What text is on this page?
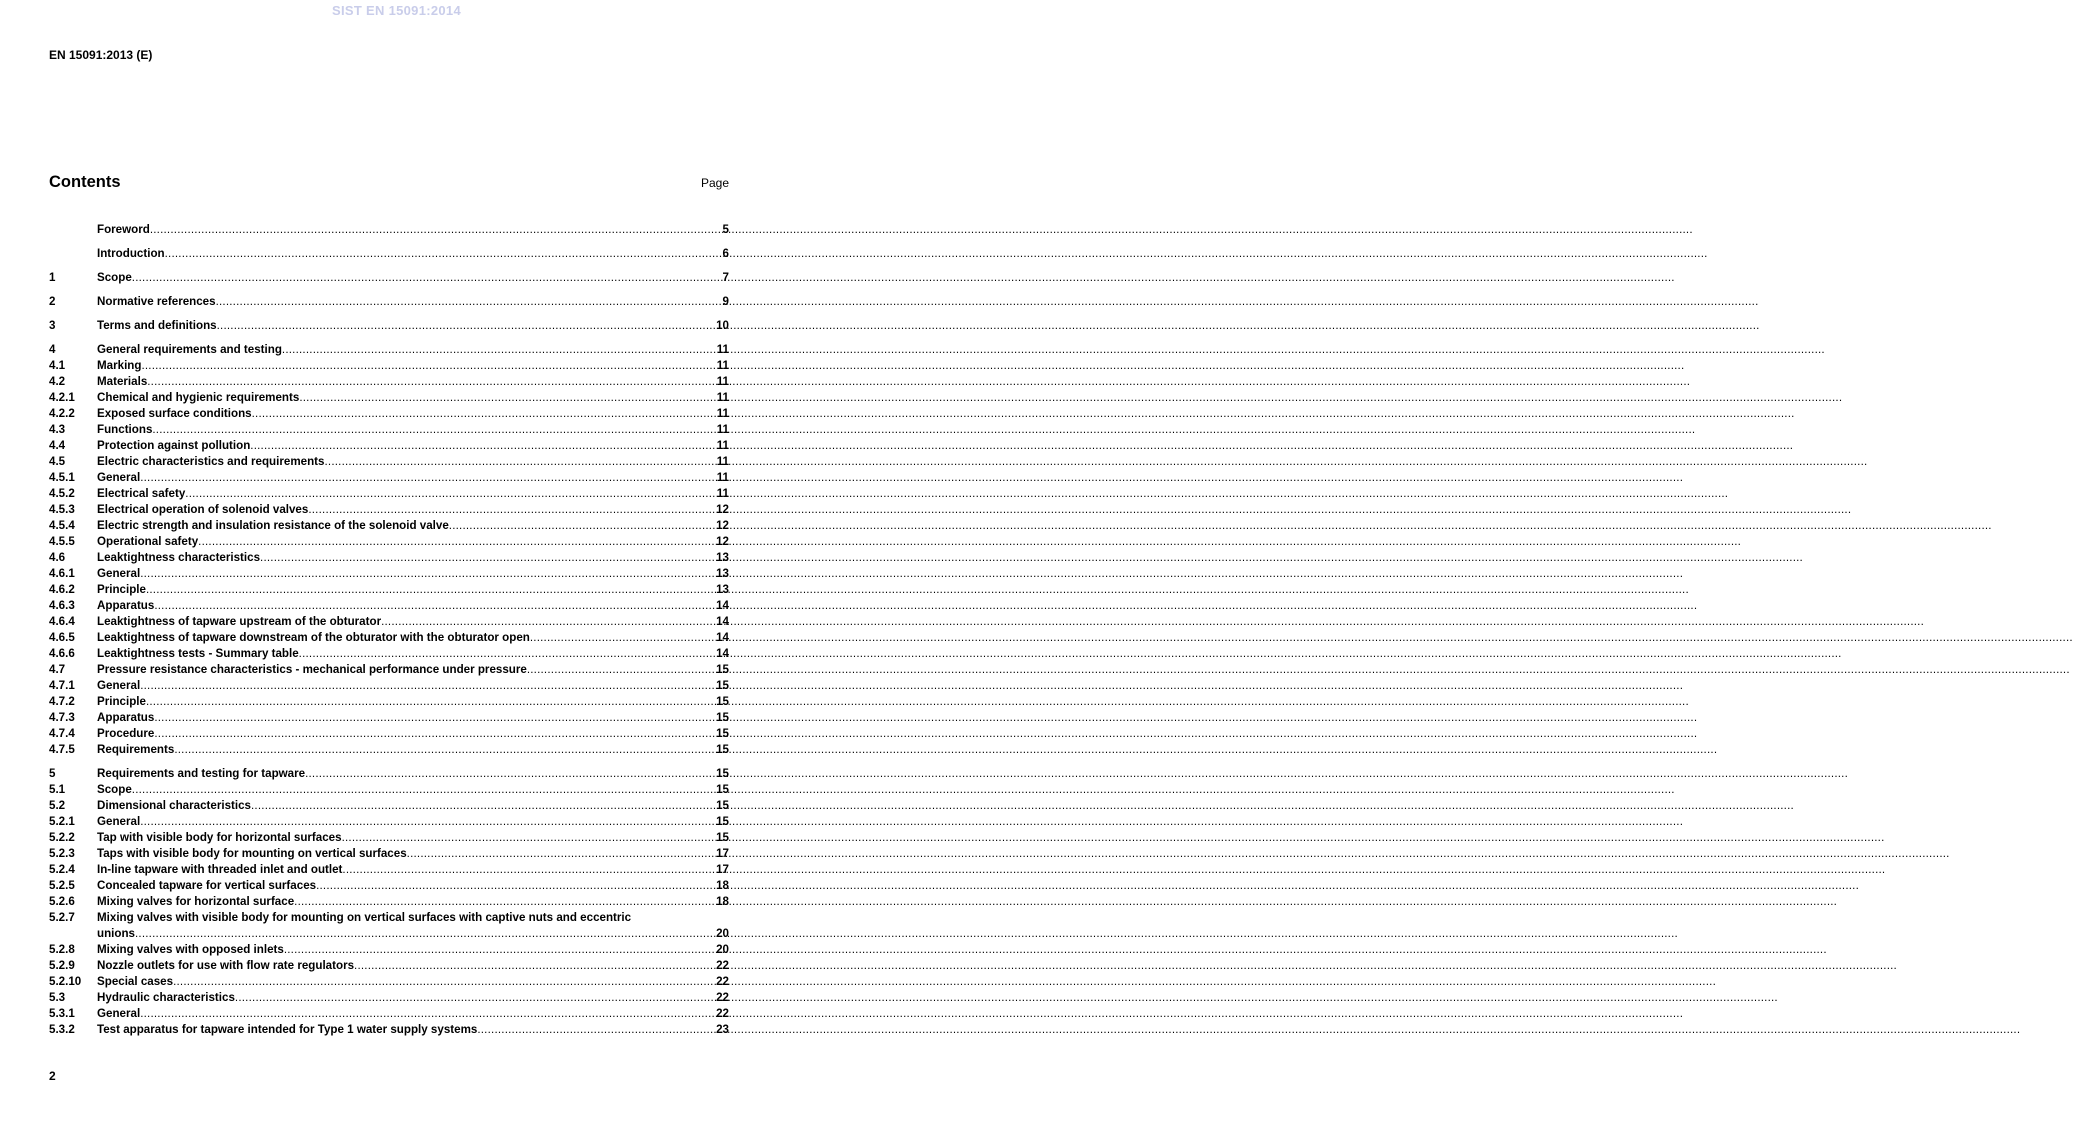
SIST EN 15091:2014
EN 15091:2013 (E)
Contents	Page
Foreword .....	5
Introduction .....	6
1	Scope .....	7
2	Normative references .....	9
3	Terms and definitions .....	10
4	General requirements and testing .....	11
4.1	Marking .....	11
4.2	Materials .....	11
4.2.1	Chemical and hygienic requirements .....	11
4.2.2	Exposed surface conditions .....	11
4.3	Functions .....	11
4.4	Protection against pollution .....	11
4.5	Electric characteristics and requirements .....	11
4.5.1	General .....	11
4.5.2	Electrical safety .....	11
4.5.3	Electrical operation of solenoid valves .....	12
4.5.4	Electric strength and insulation resistance of the solenoid valve .....	12
4.5.5	Operational safety .....	12
4.6	Leaktightness characteristics .....	13
4.6.1	General .....	13
4.6.2	Principle .....	13
4.6.3	Apparatus .....	14
4.6.4	Leaktightness of tapware upstream of the obturator .....	14
4.6.5	Leaktightness of tapware downstream of the obturator with the obturator open .....	14
4.6.6	Leaktightness tests - Summary table .....	14
4.7	Pressure resistance characteristics - mechanical performance under pressure .....	15
4.7.1	General .....	15
4.7.2	Principle .....	15
4.7.3	Apparatus .....	15
4.7.4	Procedure .....	15
4.7.5	Requirements .....	15
5	Requirements and testing for tapware .....	15
5.1	Scope .....	15
5.2	Dimensional characteristics .....	15
5.2.1	General .....	15
5.2.2	Tap with visible body for horizontal surfaces .....	15
5.2.3	Taps with visible body for mounting on vertical surfaces .....	17
5.2.4	In-line tapware with threaded inlet and outlet .....	17
5.2.5	Concealed tapware for vertical surfaces .....	18
5.2.6	Mixing valves for horizontal surface .....	18
5.2.7	Mixing valves with visible body for mounting on vertical surfaces with captive nuts and eccentric
unions .....	20
5.2.8	Mixing valves with opposed inlets .....	20
5.2.9	Nozzle outlets for use with flow rate regulators .....	22
5.2.10	Special cases .....	22
5.3	Hydraulic characteristics .....	22
5.3.1	General .....	22
5.3.2	Test apparatus for tapware intended for Type 1 water supply systems .....	23
2
